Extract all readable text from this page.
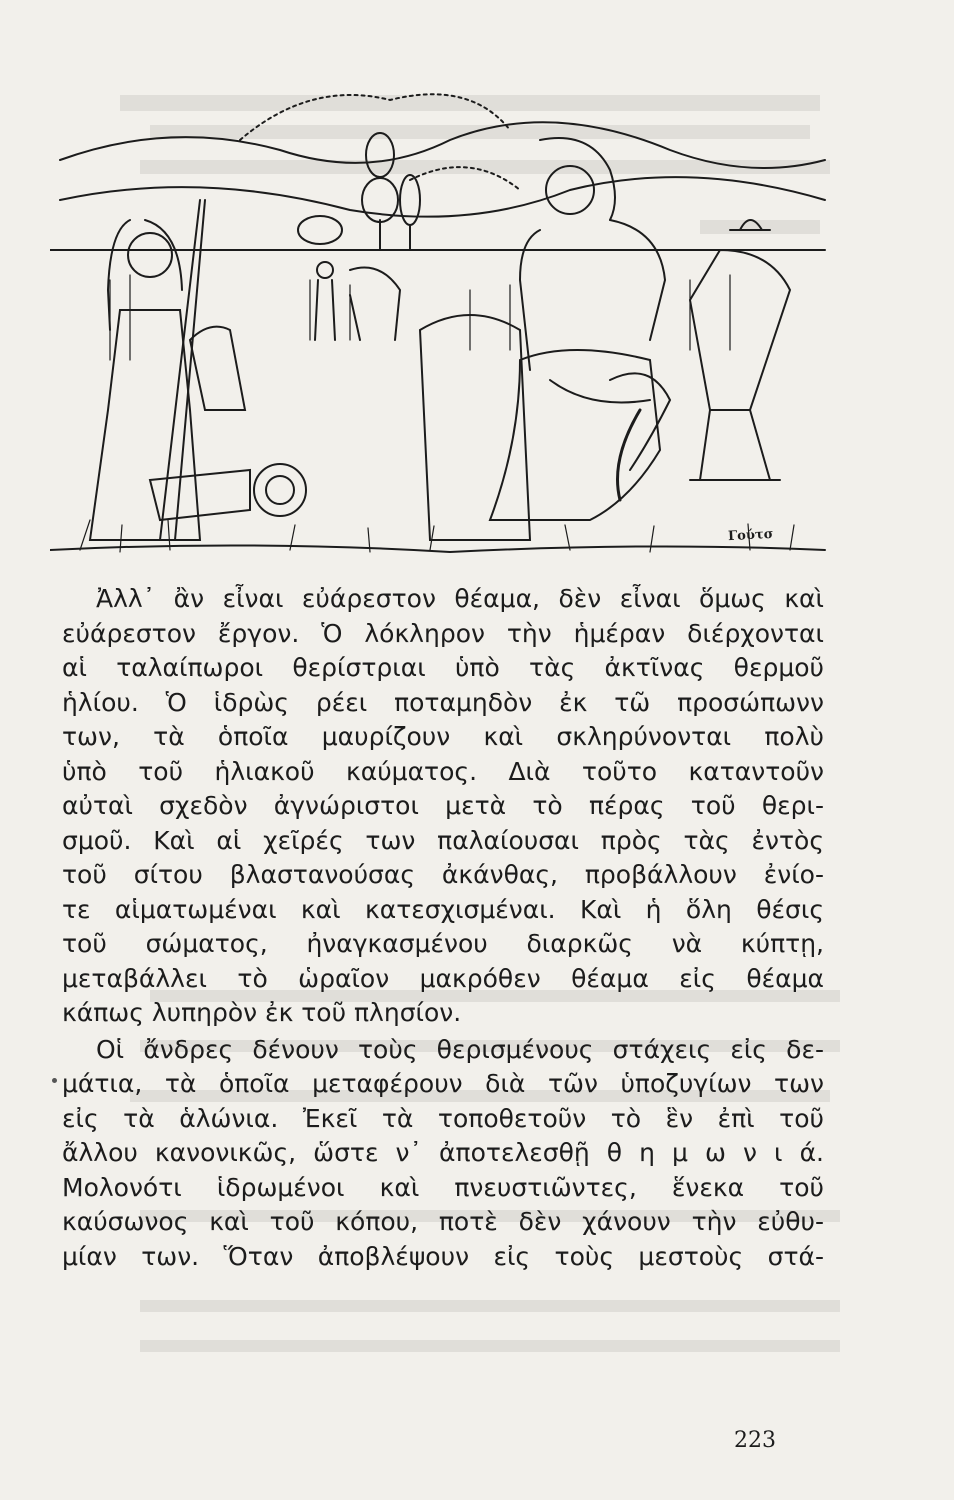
Γούτσ
Ἀλλ᾽ ἂν εἶναι εὐάρεστον θέαμα, δὲν εἶναι ὅμως καὶ
εὐάρεστον ἔργον. Ὁ λόκληρον τὴν ἡμέραν διέρχονται
αἱ ταλαίπωροι θερίστριαι ὑπὸ τὰς ἀκτῖνας θερμοῦ
ἡλίου. Ὁ ἱδρὼς ρέει ποταμηδὸν ἐκ τῶ προσώπωνν
των, τὰ ὁποῖα μαυρίζουν καὶ σκληρύνονται πολὺ
ὑπὸ τοῦ ἡλιακοῦ καύματος. Διὰ τοῦτο καταντοῦν
αὐταὶ σχεδὸν ἀγνώριστοι μετὰ τὸ πέρας τοῦ θερι-
σμοῦ. Καὶ αἱ χεῖρές των παλαίουσαι πρὸς τὰς ἐντὸς
τοῦ σίτου βλαστανούσας ἀκάνθας, προβάλλουν ἐνίο-
τε αἱματωμέναι καὶ κατεσχισμέναι. Καὶ ἡ ὅλη θέσις
τοῦ σώματος, ἠναγκασμένου διαρκῶς νὰ κύπτῃ,
μεταβάλλει τὸ ὡραῖον μακρόθεν θέαμα εἰς θέαμα
κάπως λυπηρὸν ἐκ τοῦ πλησίον.
Οἱ ἄνδρες δένουν τοὺς θερισμένους στάχεις εἰς δε-
μάτια, τὰ ὁποῖα μεταφέρουν διὰ τῶν ὑποζυγίων των
εἰς τὰ ἁλώνια. Ἐκεῖ τὰ τοποθετοῦν τὸ ἓν ἐπὶ τοῦ
ἄλλου κανονικῶς, ὥστε ν᾽ ἀποτελεσθῇ θ η μ ω ν ι ά.
Μολονότι ἱδρωμένοι καὶ πνευστιῶντες, ἕνεκα τοῦ
καύσωνος καὶ τοῦ κόπου, ποτὲ δὲν χάνουν τὴν εὐθυ-
μίαν των. Ὅταν ἀποβλέψουν εἰς τοὺς μεστοὺς στά-
223
